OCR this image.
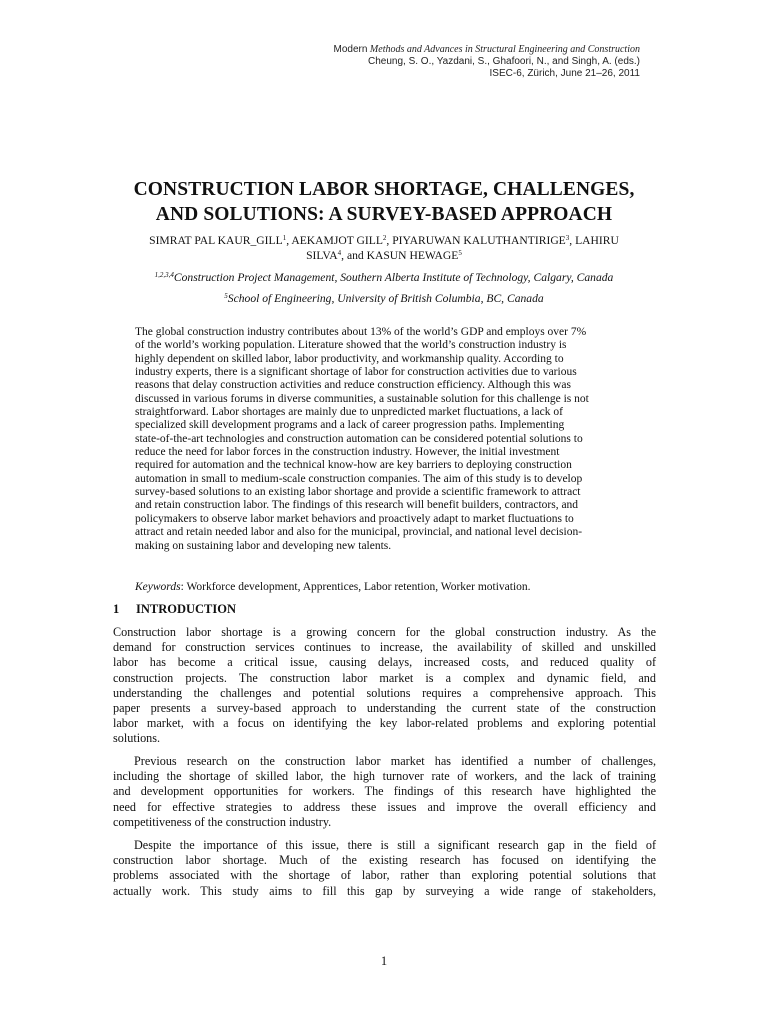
Modern Methods and Advances in Structural Engineering and Construction
Cheung, S. O., Yazdani, S., Ghafoori, N., and Singh, A. (eds.)
ISEC-6, Zürich, June 21–26, 2011
CONSTRUCTION LABOR SHORTAGE, CHALLENGES,
AND SOLUTIONS: A SURVEY-BASED APPROACH
SIMRAT PAL KAUR_GILL$^1$, AEKAMJOT GILL$^2$, PIYARUWAN KALUTHANTIRIGE$^3$, LAHIRU
SILVA$^4$, and KASUN HEWAGE$^5$
$^{1,2,3,4}$Construction Project Management, Southern Alberta Institute of Technology, Calgary, Canada
$^5$School of Engineering, University of British Columbia, BC, Canada
The global construction industry contributes about 13% of the world’s GDP and employs over 7%
of the world’s working population. Literature showed that the world’s construction industry is
highly dependent on skilled labor, labor productivity, and workmanship quality. According to
industry experts, there is a significant shortage of labor for construction activities due to various
reasons that delay construction activities and reduce construction efficiency. Although this was
discussed in various forums in diverse communities, a sustainable solution for this challenge is not
straightforward. Labor shortages are mainly due to unpredicted market fluctuations, a lack of
specialized skill development programs and a lack of career progression paths. Implementing
state-of-the-art technologies and construction automation can be considered potential solutions to
reduce the need for labor forces in the construction industry. However, the initial investment
required for automation and the technical know-how are key barriers to deploying construction
automation in small to medium-scale construction companies. The aim of this study is to develop
survey-based solutions to an existing labor shortage and provide a scientific framework to attract
and retain construction labor. The findings of this research will benefit builders, contractors, and
policymakers to observe labor market behaviors and proactively adapt to market fluctuations to
attract and retain needed labor and also for the municipal, provincial, and national level decision-
making on sustaining labor and developing new talents.
Keywords: Workforce development, Apprentices, Labor retention, Worker motivation.
1 INTRODUCTION
Construction labor shortage is a growing concern for the global construction industry. As the
demand for construction services continues to increase, the availability of skilled and unskilled
labor has become a critical issue, causing delays, increased costs, and reduced quality of
construction projects. The construction labor market is a complex and dynamic field, and
understanding the challenges and potential solutions requires a comprehensive approach. This
paper presents a survey-based approach to understanding the current state of the construction
labor market, with a focus on identifying the key labor-related problems and exploring potential
solutions.
Previous research on the construction labor market has identified a number of challenges,
including the shortage of skilled labor, the high turnover rate of workers, and the lack of training
and development opportunities for workers. The findings of this research have highlighted the
need for effective strategies to address these issues and improve the overall efficiency and
competitiveness of the construction industry.
Despite the importance of this issue, there is still a significant research gap in the field of
construction labor shortage. Much of the existing research has focused on identifying the
problems associated with the shortage of labor, rather than exploring potential solutions that
actually work. This study aims to fill this gap by surveying a wide range of stakeholders,
1
